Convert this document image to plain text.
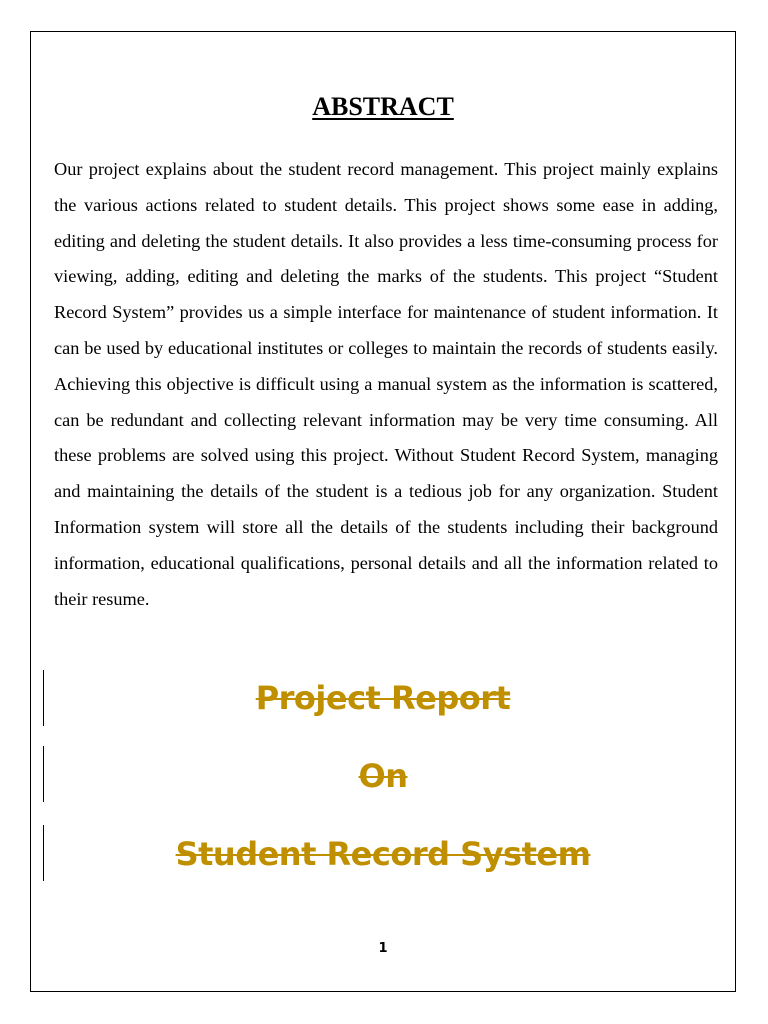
ABSTRACT

Our project explains about the student record management. This project mainly explains the various actions related to student details. This project shows some ease in adding, editing and deleting the student details. It also provides a less time-consuming process for viewing, adding, editing and deleting the marks of the students. This project “Student Record System” provides us a simple interface for maintenance of student information. It can be used by educational institutes or colleges to maintain the records of students easily. Achieving this objective is difficult using a manual system as the information is scattered, can be redundant and collecting relevant information may be very time consuming. All these problems are solved using this project. Without Student Record System, managing and maintaining the details of the student is a tedious job for any organization. Student Information system will store all the details of the students including their background information, educational qualifications, personal details and all the information related to their resume.

Project Report

On

Student Record System

1
